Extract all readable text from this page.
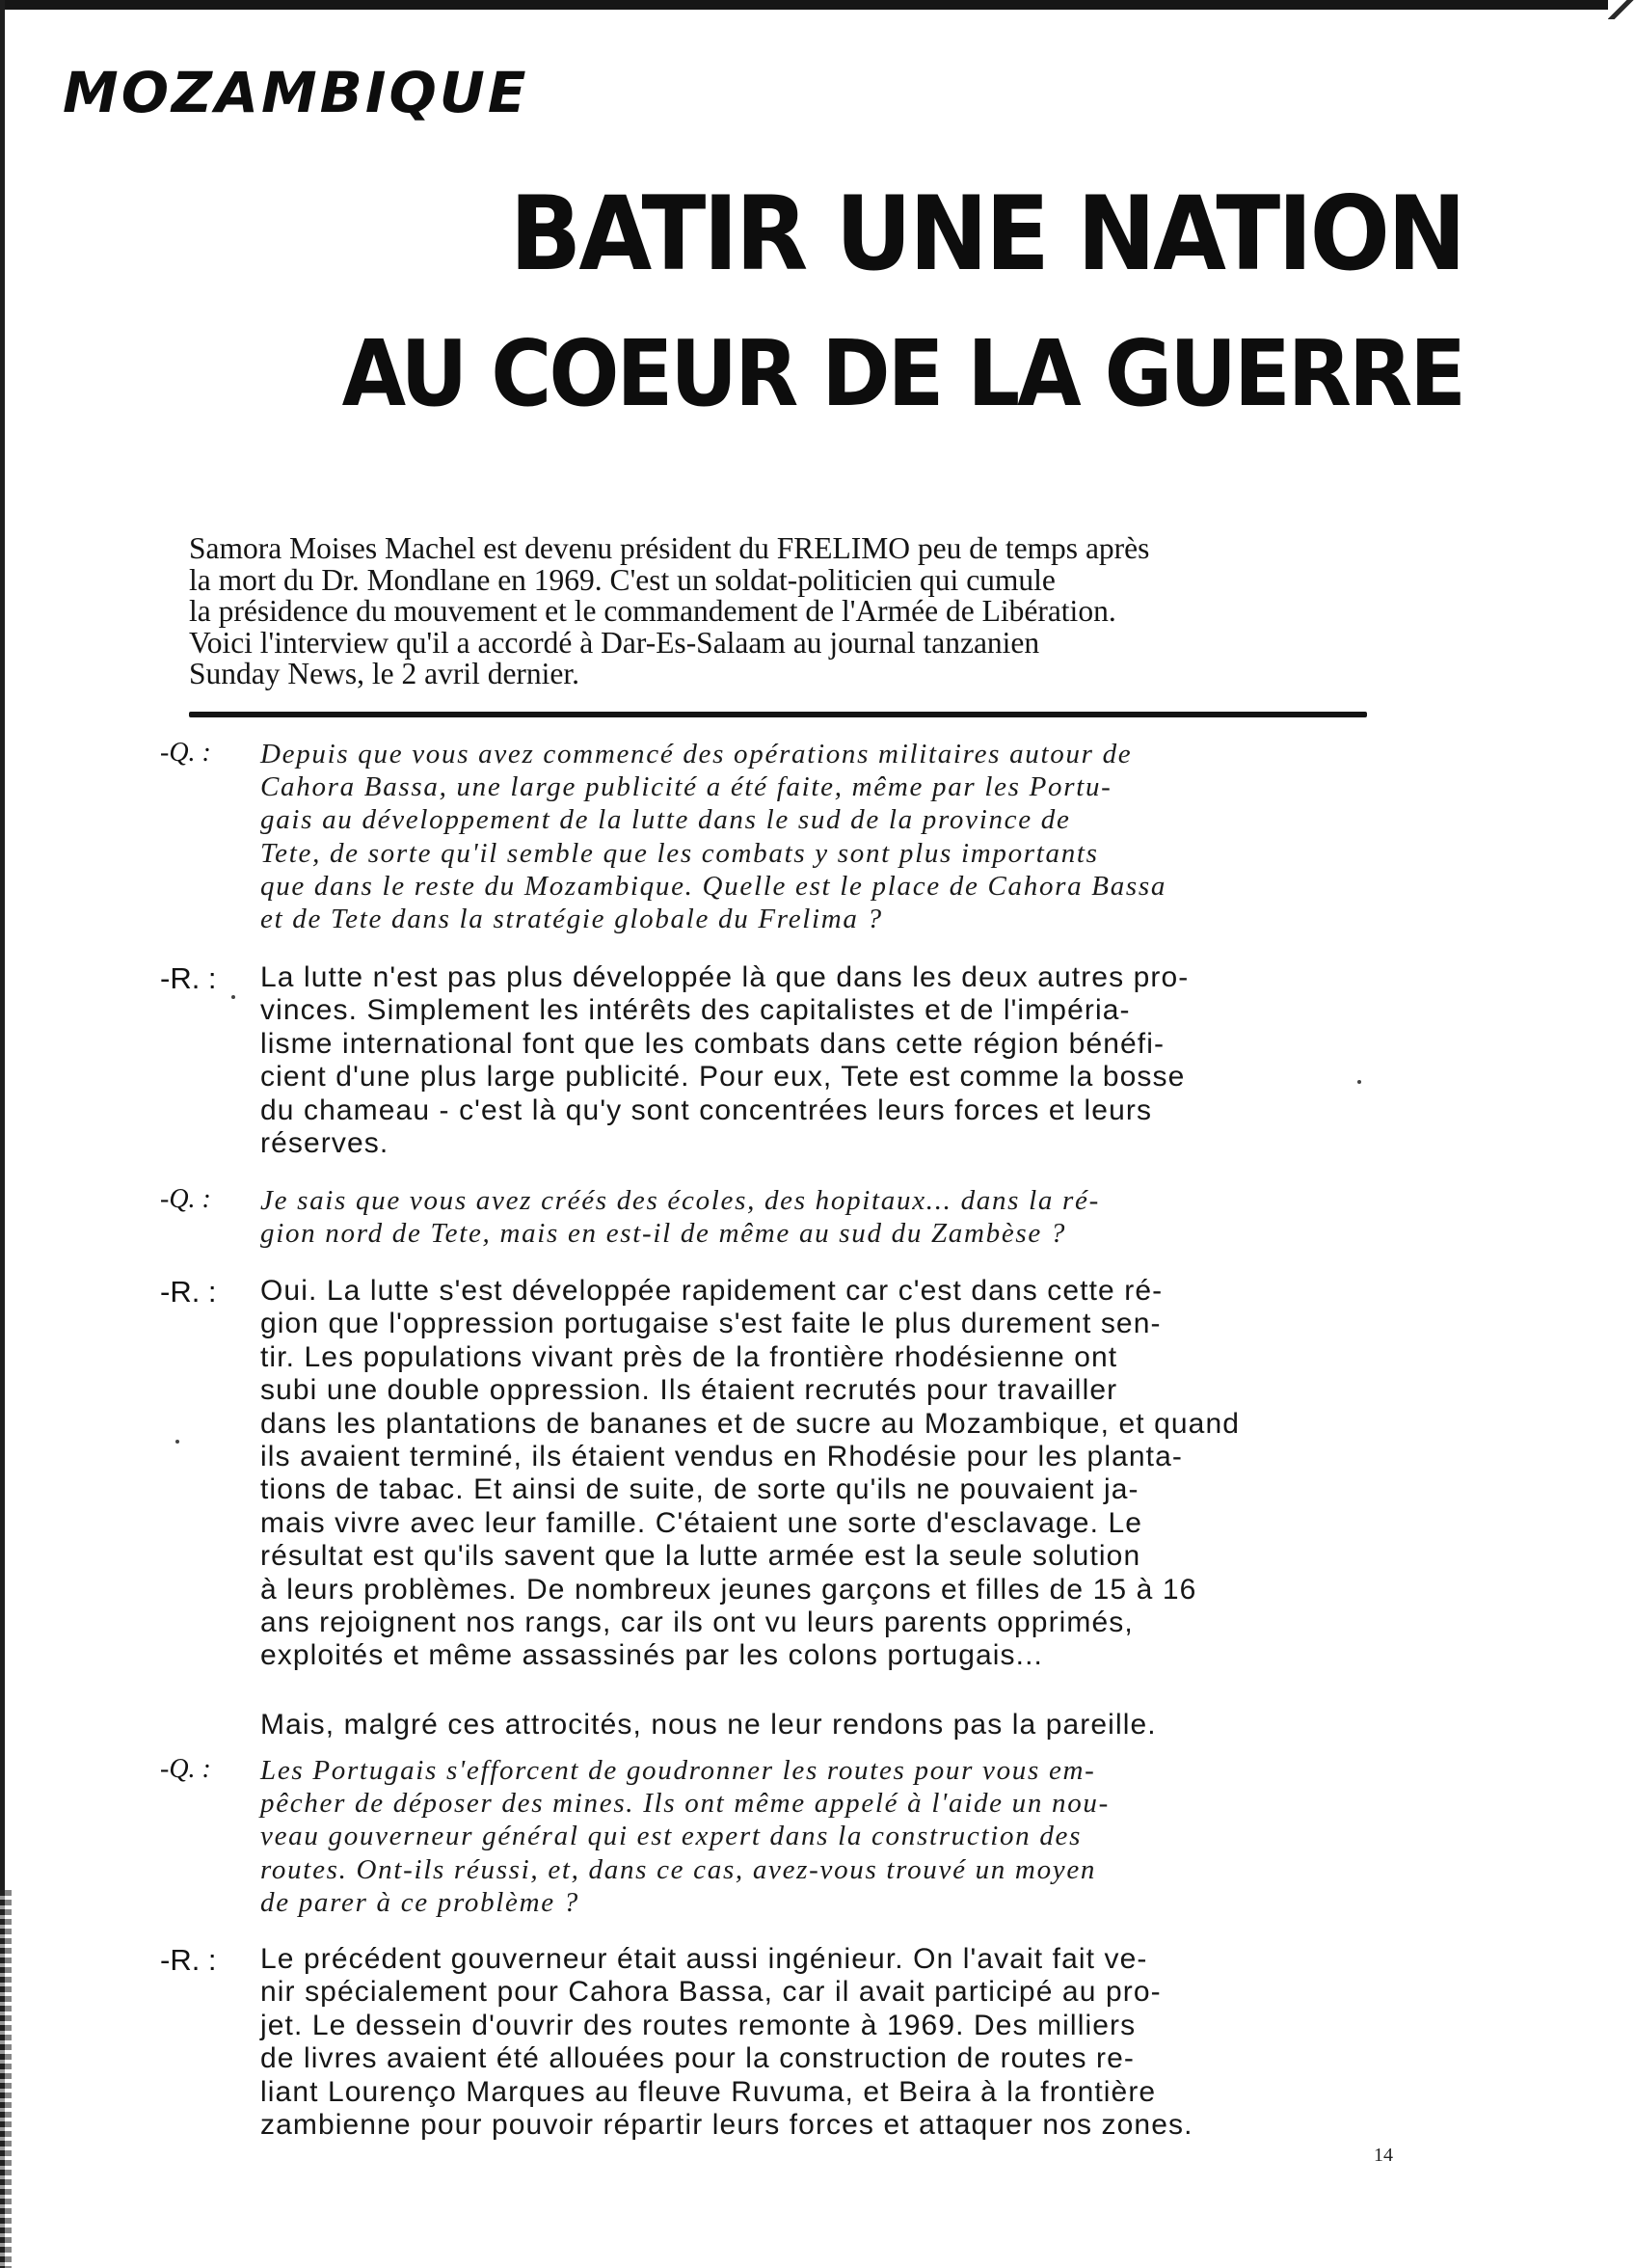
MOZAMBIQUE
BATIR UNE NATION
AU COEUR DE LA GUERRE
Samora Moises Machel est devenu président du FRELIMO peu de temps après
la mort du Dr. Mondlane en 1969. C'est un soldat-politicien qui cumule
la présidence du mouvement et le commandement de l'Armée de Libération.
Voici l'interview qu'il a accordé à Dar-Es-Salaam au journal tanzanien
Sunday News, le 2 avril dernier.
-Q. : Depuis que vous avez commencé des opérations militaires autour de
Cahora Bassa, une large publicité a été faite, même par les Portu-
gais au développement de la lutte dans le sud de la province de
Tete, de sorte qu'il semble que les combats y sont plus importants
que dans le reste du Mozambique. Quelle est le place de Cahora Bassa
et de Tete dans la stratégie globale du Frelima ?
-R. : La lutte n'est pas plus développée là que dans les deux autres pro-
vinces. Simplement les intérêts des capitalistes et de l'impéria-
lisme international font que les combats dans cette région bénéfi-
cient d'une plus large publicité. Pour eux, Tete est comme la bosse
du chameau - c'est là qu'y sont concentrées leurs forces et leurs
réserves.
-Q. : Je sais que vous avez créés des écoles, des hopitaux... dans la ré-
gion nord de Tete, mais en est-il de même au sud du Zambèse ?
-R. : Oui. La lutte s'est développée rapidement car c'est dans cette ré-
gion que l'oppression portugaise s'est faite le plus durement sen-
tir. Les populations vivant près de la frontière rhodésienne ont
subi une double oppression. Ils étaient recrutés pour travailler
dans les plantations de bananes et de sucre au Mozambique, et quand
ils avaient terminé, ils étaient vendus en Rhodésie pour les planta-
tions de tabac. Et ainsi de suite, de sorte qu'ils ne pouvaient ja-
mais vivre avec leur famille. C'étaient une sorte d'esclavage. Le
résultat est qu'ils savent que la lutte armée est la seule solution
à leurs problèmes. De nombreux jeunes garçons et filles de 15 à 16
ans rejoignent nos rangs, car ils ont vu leurs parents opprimés,
exploités et même assassinés par les colons portugais...
Mais, malgré ces attrocités, nous ne leur rendons pas la pareille.
-Q. : Les Portugais s'efforcent de goudronner les routes pour vous em-
pêcher de déposer des mines. Ils ont même appelé à l'aide un nou-
veau gouverneur général qui est expert dans la construction des
routes. Ont-ils réussi, et, dans ce cas, avez-vous trouvé un moyen
de parer à ce problème ?
-R. : Le précédent gouverneur était aussi ingénieur. On l'avait fait ve-
nir spécialement pour Cahora Bassa, car il avait participé au pro-
jet. Le dessein d'ouvrir des routes remonte à 1969. Des milliers
de livres avaient été allouées pour la construction de routes re-
liant Lourenço Marques au fleuve Ruvuma, et Beira à la frontière
zambienne pour pouvoir répartir leurs forces et attaquer nos zones.
14
